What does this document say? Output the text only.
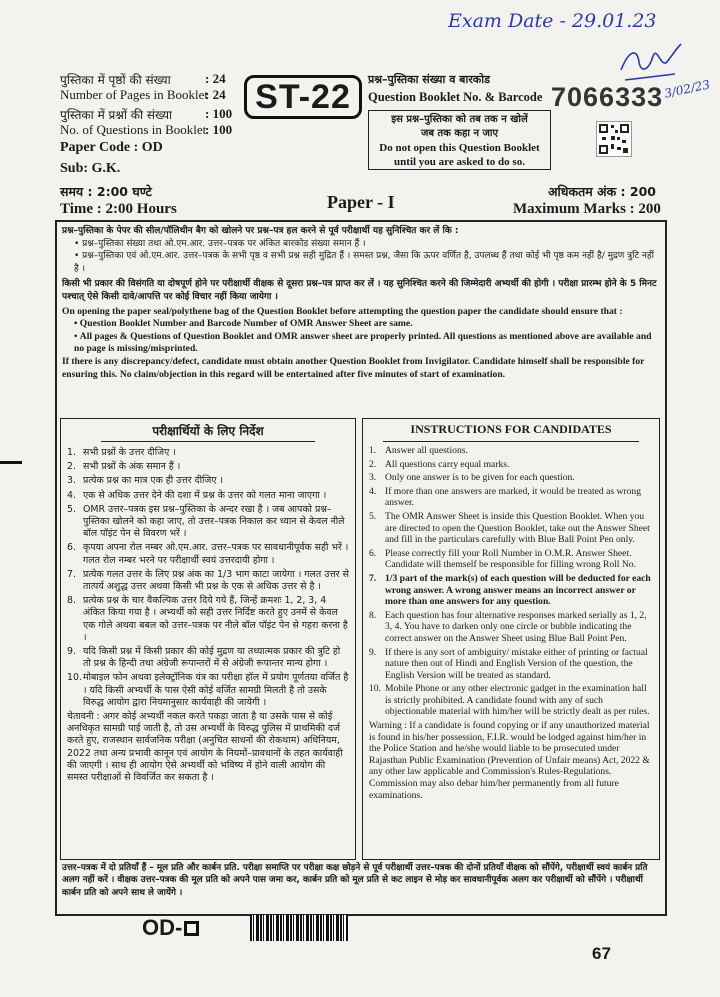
Exam Date - 29.01.23
3/02/23
पुस्तिका में पृष्ठों की संख्या
Number of Pages in Booklet
: 24
: 24
पुस्तिका में प्रश्नों की संख्या
No. of Questions in Booklet
: 100
: 100
Paper Code : OD
Sub: G.K.
ST-22	प्रश्न–पुस्तिका संख्या व बारकोड
Question Booklet No. & Barcode 7066333
इस प्रश्न–पुस्तिका को तब तक न खोलें
जब तक कहा न जाए
Do not open this Question Booklet
until you are asked to do so.
समय : 2:00 घण्टे
Time : 2:00 Hours	Paper - I
अधिकतम अंक : 200
Maximum Marks : 200

प्रश्न–पुस्तिका के पेपर की सील/पॉलिथीन बैग को खोलने पर प्रश्न–पत्र हल करने से पूर्व परीक्षार्थी यह सुनिश्चित कर लें कि :

• प्रश्न–पुस्तिका संख्या तथा ओ.एम.आर. उत्तर–पत्रक पर अंकित बारकोड संख्या समान हैं ।

• प्रश्न–पुस्तिका एवं ओ.एम.आर. उत्तर–पत्रक के सभी पृष्ठ व सभी प्रश्न सही मुद्रित हैं । समस्त प्रश्न, जैसा कि ऊपर वर्णित है, उपलब्ध हैं तथा कोई भी पृष्ठ कम नहीं है/ मुद्रण त्रुटि नहीं है ।

किसी भी प्रकार की विसंगति या दोषपूर्ण होने पर परीक्षार्थी वीक्षक से दूसरा प्रश्न–पत्र प्राप्त कर लें । यह सुनिश्चित करने की जिम्मेदारी अभ्यर्थी की होगी । परीक्षा प्रारम्भ होने के 5 मिनट पश्चात् ऐसे किसी दावे/आपत्ति पर कोई विचार नहीं किया जायेगा ।

On opening the paper seal/polythene bag of the Question Booklet before attempting the question paper the candidate should ensure that :

• Question Booklet Number and Barcode Number of OMR Answer Sheet are same.

• All pages & Questions of Question Booklet and OMR answer sheet are properly printed. All questions as mentioned above are available and no page is missing/misprinted.

If there is any discrepancy/defect, candidate must obtain another Question Booklet from Invigilator. Candidate himself shall be responsible for ensuring this. No claim/objection in this regard will be entertained after five minutes of start of examination.

परीक्षार्थियों के लिए निर्देश
1. सभी प्रश्नों के उत्तर दीजिए ।
2. सभी प्रश्नों के अंक समान हैं ।
3. प्रत्येक प्रश्न का मात्र एक ही उत्तर दीजिए ।
4. एक से अधिक उत्तर देने की दशा में प्रश्न के उत्तर को गलत माना जाएगा ।
5. OMR उत्तर–पत्रक इस प्रश्न–पुस्तिका के अन्दर रखा है । जब आपको प्रश्न–पुस्तिका खोलने को कहा जाए, तो उत्तर–पत्रक निकाल कर ध्यान से केवल नीले बॉल पॉइंट पेन से विवरण भरें ।
6. कृपया अपना रोल नम्बर ओ.एम.आर. उत्तर–पत्रक पर सावधानीपूर्वक सही भरें । गलत रोल नम्बर भरने पर परीक्षार्थी स्वयं उत्तरदायी होगा ।
7. प्रत्येक गलत उत्तर के लिए प्रश्न अंक का 1/3 भाग काटा जायेगा । गलत उत्तर से तात्पर्य अशुद्ध उत्तर अथवा किसी भी प्रश्न के एक से अधिक उत्तर से है ।
8. प्रत्येक प्रश्न के चार वैकल्पिक उत्तर दिये गये हैं, जिन्हें क्रमशः 1, 2, 3, 4 अंकित किया गया है । अभ्यर्थी को सही उत्तर निर्दिष्ट करते हुए उनमें से केवल एक गोले अथवा बबल को उत्तर–पत्रक पर नीले बॉल पॉइंट पेन से गहरा करना है ।
9. यदि किसी प्रश्न में किसी प्रकार की कोई मुद्रण या तथ्यात्मक प्रकार की त्रुटि हो तो प्रश्न के हिन्दी तथा अंग्रेजी रूपान्तरों में से अंग्रेजी रूपान्तर मान्य होगा ।
10. मोबाइल फोन अथवा इलेक्ट्रॉनिक यंत्र का परीक्षा हॉल में प्रयोग पूर्णतया वर्जित है । यदि किसी अभ्यर्थी के पास ऐसी कोई वर्जित सामग्री मिलती है तो उसके विरुद्ध आयोग द्वारा नियमानुसार कार्यवाही की जायेगी ।
चेतावनी : अगर कोई अभ्यर्थी नकल करते पकड़ा जाता है या उसके पास से कोई अनधिकृत सामग्री पाई जाती है, तो उस अभ्यर्थी के विरुद्ध पुलिस में प्राथमिकी दर्ज करते हुए, राजस्थान सार्वजनिक परीक्षा (अनुचित साधनों की रोकथाम) अधिनियम, 2022 तथा अन्य प्रभावी कानून एवं आयोग के नियमों–प्रावधानों के तहत कार्यवाही की जाएगी । साथ ही आयोग ऐसे अभ्यर्थी को भविष्य में होने वाली आयोग की समस्त परीक्षाओं से विवर्जित कर सकता है ।
INSTRUCTIONS FOR CANDIDATES
1. Answer all questions.
2. All questions carry equal marks.
3. Only one answer is to be given for each question.
4. If more than one answers are marked, it would be treated as wrong answer.
5. The OMR Answer Sheet is inside this Question Booklet. When you are directed to open the Question Booklet, take out the Answer Sheet and fill in the particulars carefully with Blue Ball Point Pen only.
6. Please correctly fill your Roll Number in O.M.R. Answer Sheet. Candidate will themself be responsible for filling wrong Roll No.
7. 1/3 part of the mark(s) of each question will be deducted for each wrong answer. A wrong answer means an incorrect answer or more than one answers for any question.
8. Each question has four alternative responses marked serially as 1, 2, 3, 4. You have to darken only one circle or bubble indicating the correct answer on the Answer Sheet using Blue Ball Point Pen.
9. If there is any sort of ambiguity/ mistake either of printing or factual nature then out of Hindi and English Version of the question, the English Version will be treated as standard.
10. Mobile Phone or any other electronic gadget in the examination hall is strictly prohibited. A candidate found with any of such objectionable material with him/her will be strictly dealt as per rules.
Warning : If a candidate is found copying or if any unauthorized material is found in his/her possession, F.I.R. would be lodged against him/her in the Police Station and he/she would liable to be prosecuted under Rajasthan Public Examination (Prevention of Unfair means) Act, 2022 & any other law applicable and Commission's Rules-Regulations. Commission may also debar him/her permanently from all future examinations.
उत्तर–पत्रक में दो प्रतियाँ हैं – मूल प्रति और कार्बन प्रति. परीक्षा समाप्ति पर परीक्षा कक्ष छोड़ने से पूर्व परीक्षार्थी उत्तर–पत्रक की दोनों प्रतियाँ वीक्षक को सौंपेंगे, परीक्षार्थी स्वयं कार्बन प्रति अलग नहीं करें । वीक्षक उत्तर–पत्रक की मूल प्रति को अपने पास जमा कर, कार्बन प्रति को मूल प्रति से कट लाइन से मोड़ कर सावधानीपूर्वक अलग कर परीक्षार्थी को सौंपेंगे । परीक्षार्थी कार्बन प्रति को अपने साथ ले जायेंगे ।
OD-
67
